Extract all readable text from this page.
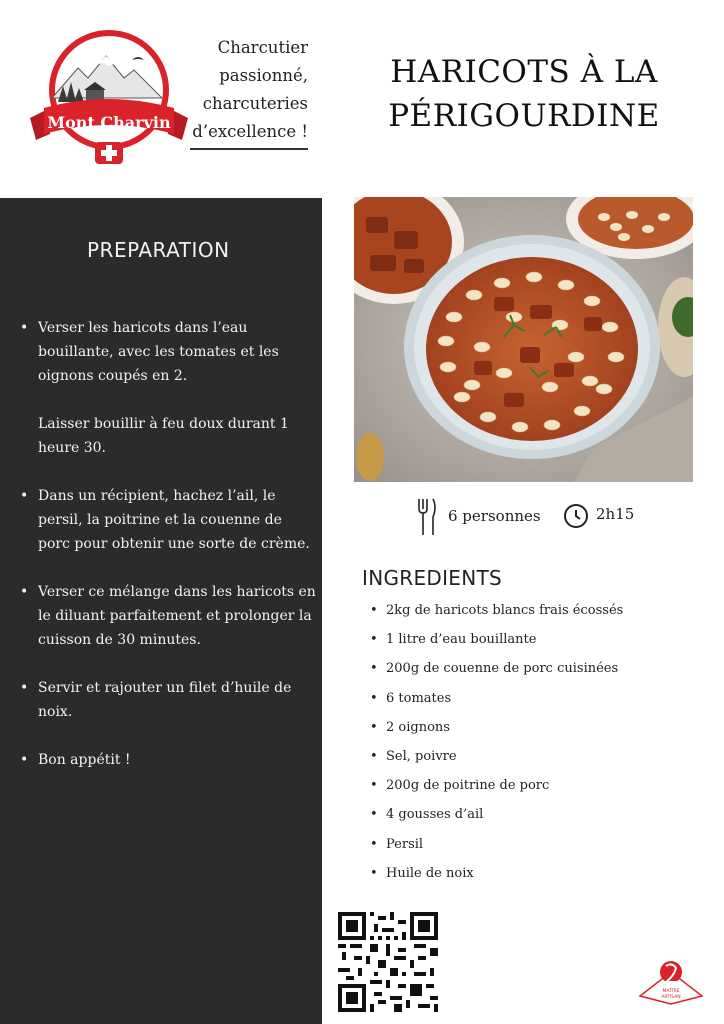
Mont Charvin
Charcutier
passionné,
charcuteries
d’excellence !
HARICOTS À LA
PÉRIGOURDINE
PREPARATION
• Verser les haricots dans l’eau bouillante, avec les tomates et les oignons coupés en 2.
Laisser bouillir à feu doux durant 1 heure 30.
• Dans un récipient, hachez l’ail, le persil, la poitrine et la couenne de porc pour obtenir une sorte de crème.
• Verser ce mélange dans les haricots en le diluant parfaitement et prolonger la cuisson de 30 minutes.
• Servir et rajouter un filet d’huile de noix.
• Bon appétit !
6 personnes	2h15
INGREDIENTS
• 2kg de haricots blancs frais écossés
• 1 litre d’eau bouillante
• 200g de couenne de porc cuisinées
• 6 tomates
• 2 oignons
• Sel, poivre
• 200g de poitrine de porc
• 4 gousses d’ail
• Persil
• Huile de noix
MAÎTRE
ARTISAN
